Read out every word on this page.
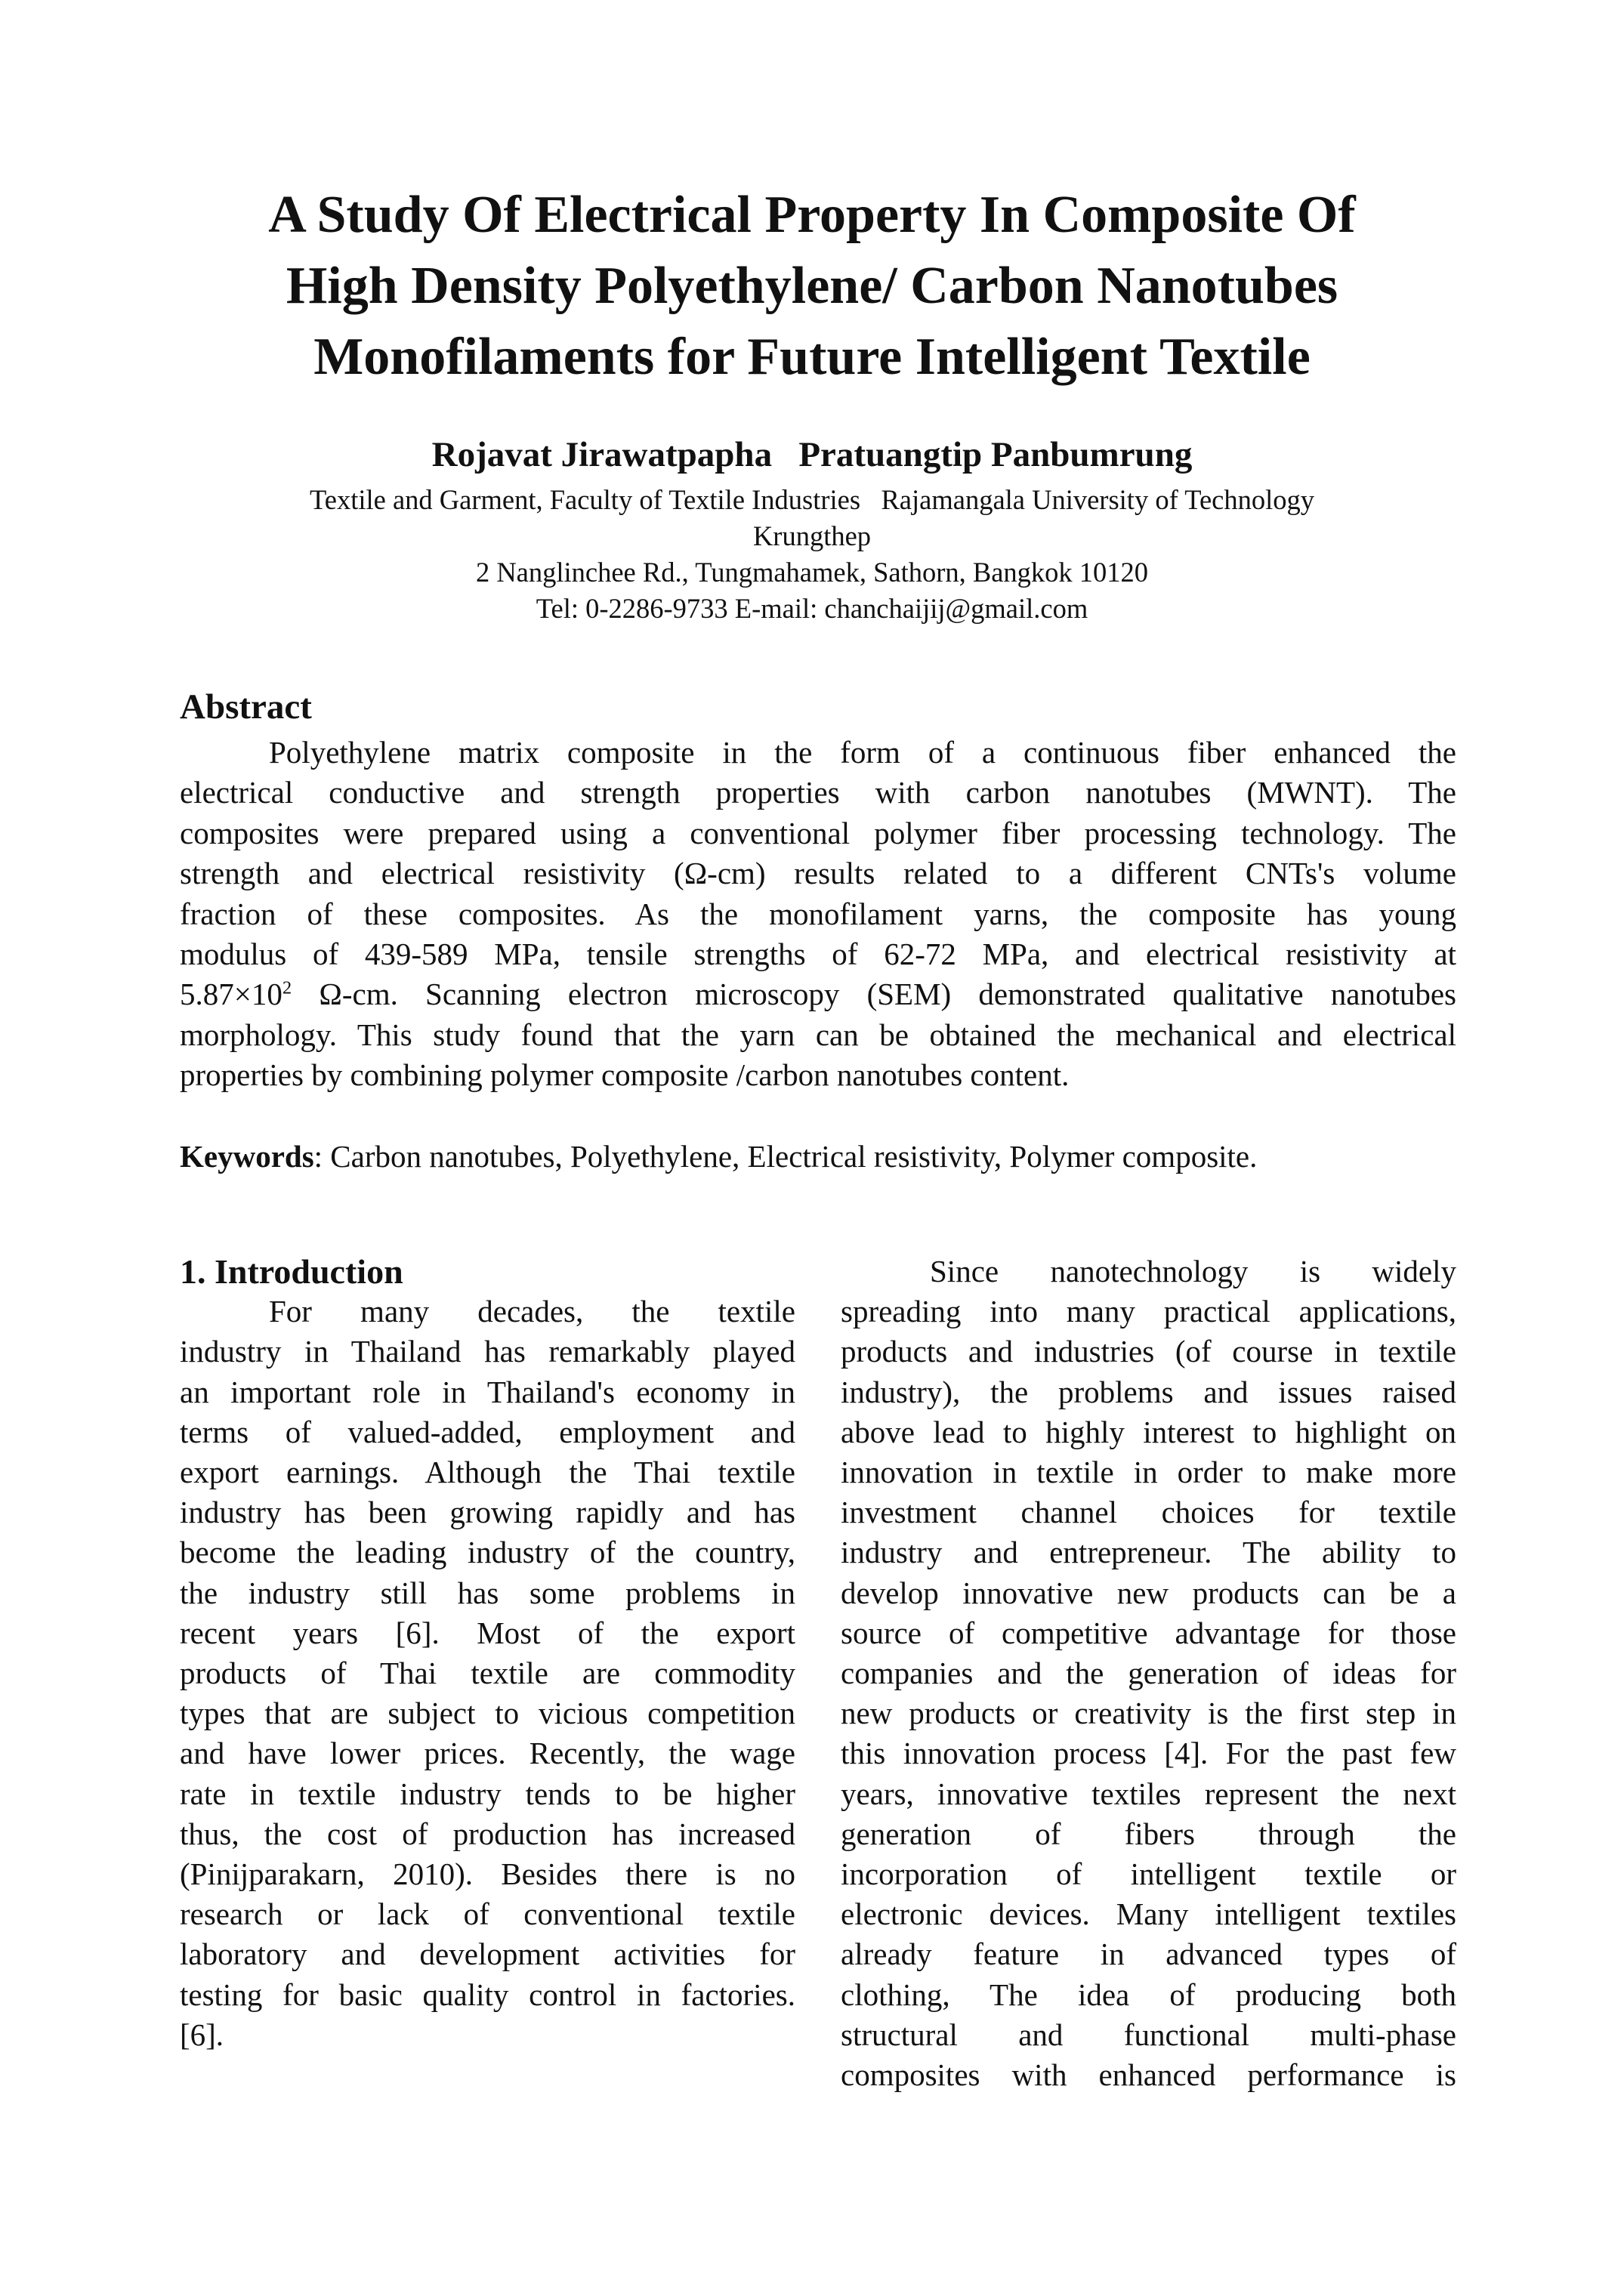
A Study Of Electrical Property In Composite Of
High Density Polyethylene/ Carbon Nanotubes
Monofilaments for Future Intelligent Textile
Rojavat Jirawatpapha   Pratuangtip Panbumrung
Textile and Garment, Faculty of Textile Industries   Rajamangala University of Technology
Krungthep
2 Nanglinchee Rd., Tungmahamek, Sathorn, Bangkok 10120
Tel: 0-2286-9733 E-mail: chanchaijij@gmail.com
Abstract
Polyethylene matrix composite in the form of a continuous fiber enhanced the
electrical conductive and strength properties with carbon nanotubes (MWNT). The
composites were prepared using a conventional polymer fiber processing technology. The
strength and electrical resistivity (Ω-cm) results related to a different CNTs's volume
fraction of these composites. As the monofilament yarns, the composite has young
modulus of 439-589 MPa, tensile strengths of 62-72 MPa, and electrical resistivity at
$5.87\times 10^2$ Ω-cm. Scanning electron microscopy (SEM) demonstrated qualitative nanotubes
morphology. This study found that the yarn can be obtained the mechanical and electrical
properties by combining polymer composite /carbon nanotubes content.
Keywords: Carbon nanotubes, Polyethylene, Electrical resistivity, Polymer composite.
1. Introduction
For many decades, the textile
industry in Thailand has remarkably played
an important role in Thailand's economy in
terms of valued-added, employment and
export earnings. Although the Thai textile
industry has been growing rapidly and has
become the leading industry of the country,
the industry still has some problems in
recent years [6]. Most of the export
products of Thai textile are commodity
types that are subject to vicious competition
and have lower prices. Recently, the wage
rate in textile industry tends to be higher
thus, the cost of production has increased
(Pinijparakarn, 2010). Besides there is no
research or lack of conventional textile
laboratory and development activities for
testing for basic quality control in factories.
[6].
Since nanotechnology is widely
spreading into many practical applications,
products and industries (of course in textile
industry), the problems and issues raised
above lead to highly interest to highlight on
innovation in textile in order to make more
investment channel choices for textile
industry and entrepreneur. The ability to
develop innovative new products can be a
source of competitive advantage for those
companies and the generation of ideas for
new products or creativity is the first step in
this innovation process [4]. For the past few
years, innovative textiles represent the next
generation of fibers through the
incorporation of intelligent textile or
electronic devices. Many intelligent textiles
already feature in advanced types of
clothing, The idea of producing both
structural and functional multi-phase
composites with enhanced performance is
